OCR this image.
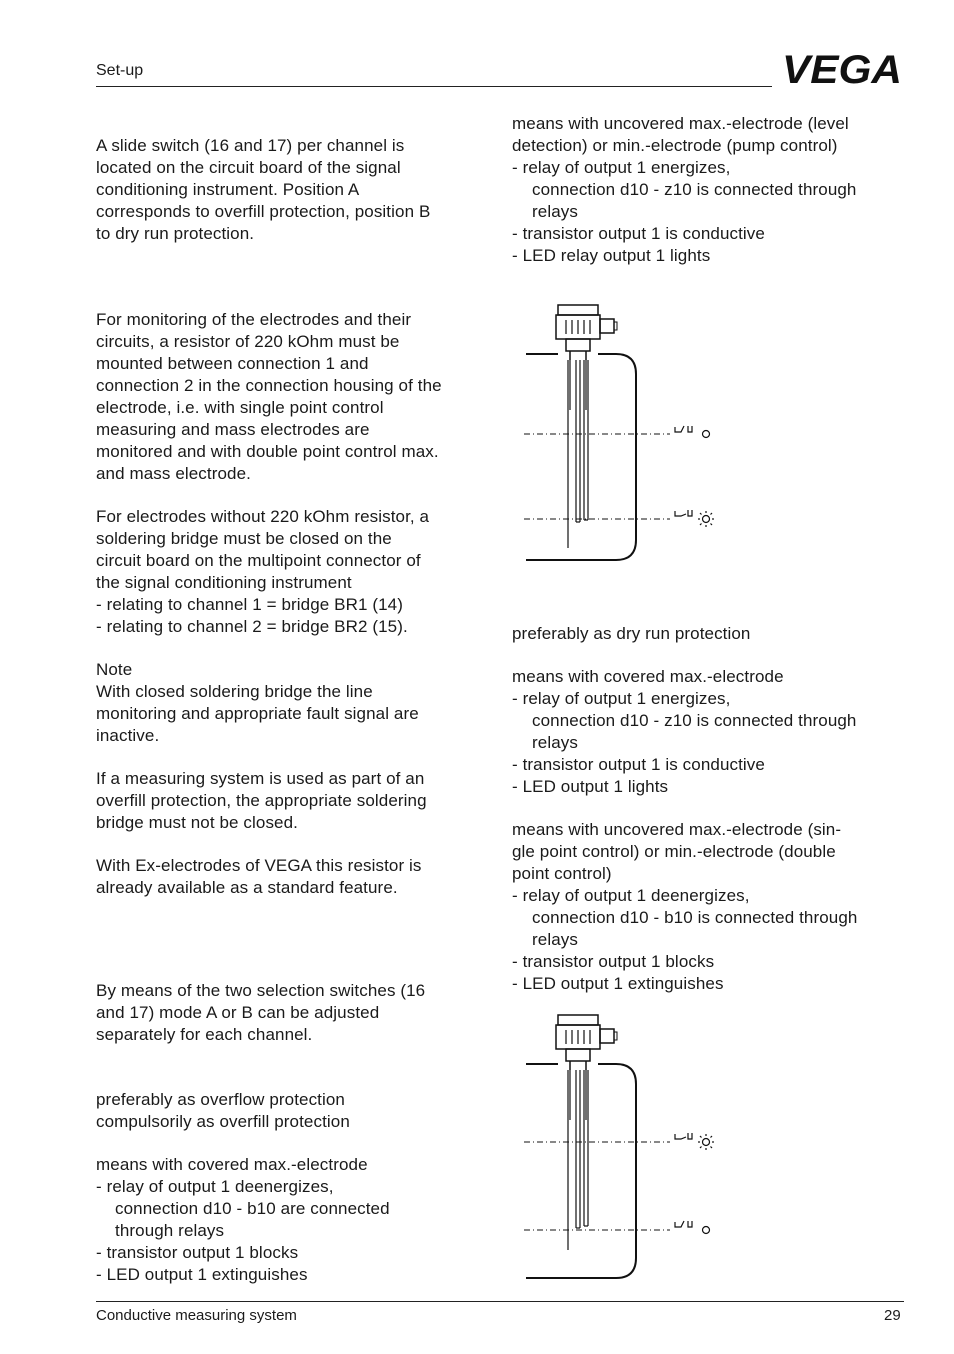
Set-up	VEGA

A slide switch (16 and 17) per channel is
located on the circuit board of the signal
conditioning instrument. Position A
corresponds to overfill protection, position B
to dry run protection.

For monitoring of the electrodes and their
circuits, a resistor of 220 kOhm must be
mounted between connection 1 and
connection 2 in the connection housing of the
electrode, i.e. with single point control
measuring and mass electrodes are
monitored and with double point control max.
and mass electrode.

For electrodes without 220 kOhm resistor, a
soldering bridge must be closed on the
circuit board on the multipoint connector of
the signal conditioning instrument

- relating to channel 1 = bridge BR1 (14)

- relating to channel 2 = bridge BR2 (15).

Note

With closed soldering bridge the line
monitoring and appropriate fault signal are
inactive.

If a measuring system is used as part of an
overfill protection, the appropriate soldering
bridge must not be closed.

With Ex-electrodes of VEGA this resistor is
already available as a standard feature.

By means of the two selection switches (16
and 17) mode A or B can be adjusted
separately for each channel.

preferably as overflow protection
compulsorily as overfill protection

means with covered max.-electrode

- relay of output 1 deenergizes,

connection d10 - b10 are connected

through relays

- transistor output 1 blocks

- LED output 1 extinguishes

means with uncovered max.-electrode (level
detection) or min.-electrode (pump control)

- relay of output 1 energizes,

connection d10 - z10 is connected through

relays

- transistor output 1 is conductive

- LED relay output 1 lights

preferably as dry run protection

means with covered max.-electrode

- relay of output 1 energizes,

connection d10 - z10 is connected through

relays

- transistor output 1 is conductive

- LED output 1 lights

means with uncovered max.-electrode (sin-
gle point control) or min.-electrode (double
point control)

- relay of output 1 deenergizes,

connection d10 - b10 is connected through

relays

- transistor output 1 blocks

- LED output 1 extinguishes

Conductive measuring system	29
